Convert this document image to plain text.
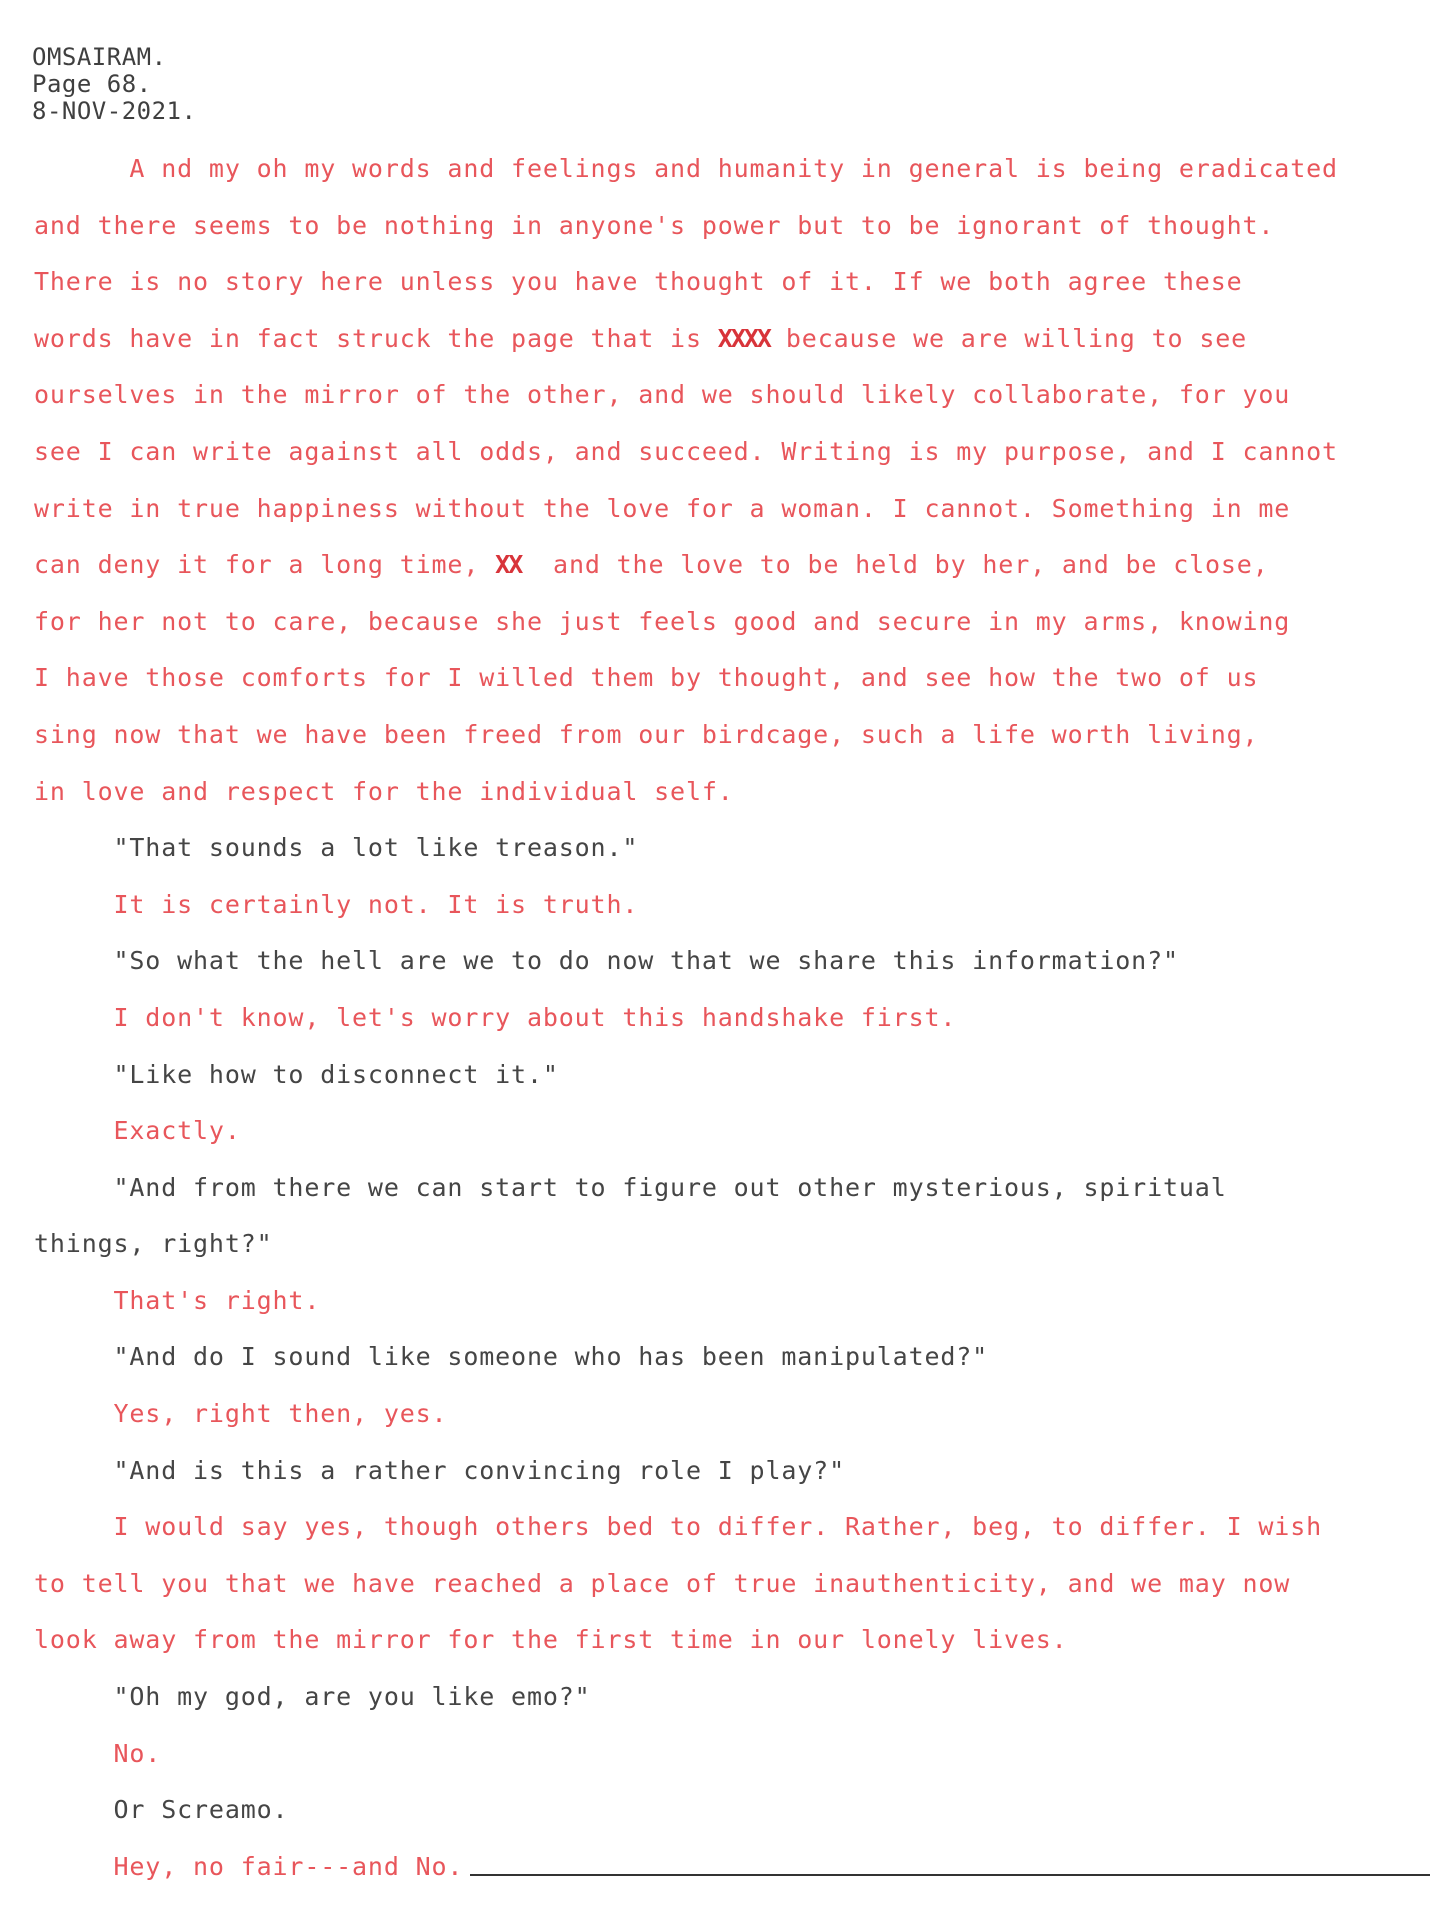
OMSAIRAM.
Page 68.
8-NOV-2021.
A nd my oh my words and feelings and humanity in general is being eradicated
and there seems to be nothing in anyone's power but to be ignorant of thought.
There is no story here unless you have thought of it. If we both agree these
words have in fact struck the page that is XXXX because we are willing to see
ourselves in the mirror of the other, and we should likely collaborate, for you
see I can write against all odds, and succeed. Writing is my purpose, and I cannot
write in true happiness without the love for a woman. I cannot. Something in me
can deny it for a long time, XX  and the love to be held by her, and be close,
for her not to care, because she just feels good and secure in my arms, knowing
I have those comforts for I willed them by thought, and see how the two of us
sing now that we have been freed from our birdcage, such a life worth living,
in love and respect for the individual self.
"That sounds a lot like treason."
It is certainly not. It is truth.
"So what the hell are we to do now that we share this information?"
I don't know, let's worry about this handshake first.
"Like how to disconnect it."
Exactly.
"And from there we can start to figure out other mysterious, spiritual
things, right?"
That's right.
"And do I sound like someone who has been manipulated?"
Yes, right then, yes.
"And is this a rather convincing role I play?"
I would say yes, though others bed to differ. Rather, beg, to differ. I wish
to tell you that we have reached a place of true inauthenticity, and we may now
look away from the mirror for the first time in our lonely lives.
"Oh my god, are you like emo?"
No.
Or Screamo.
Hey, no fair---and No.
